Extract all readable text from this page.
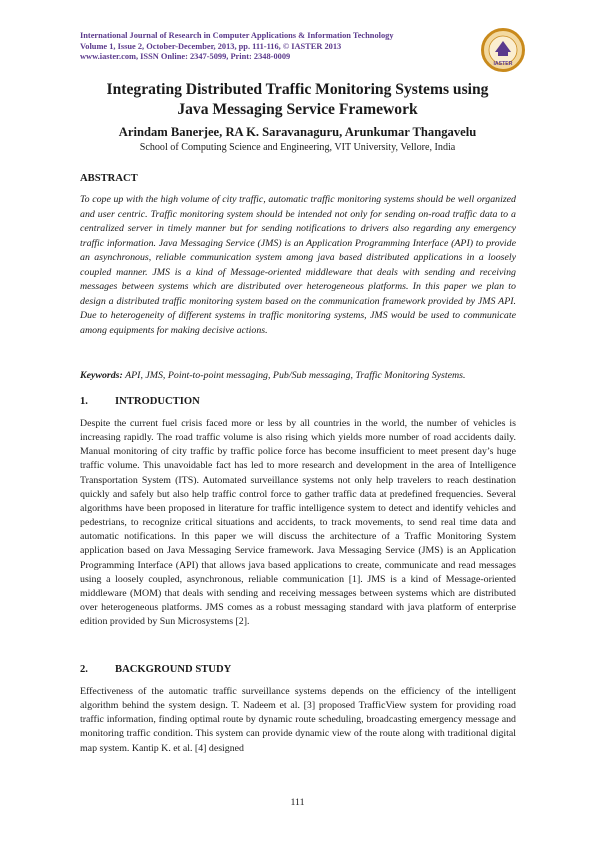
International Journal of Research in Computer Applications & Information Technology
Volume 1, Issue 2, October-December, 2013, pp. 111-116, © IASTER 2013
www.iaster.com, ISSN Online: 2347-5099, Print: 2348-0009
IASTER
Integrating Distributed Traffic Monitoring Systems using
Java Messaging Service Framework
Arindam Banerjee, RA K. Saravanaguru, Arunkumar Thangavelu
School of Computing Science and Engineering, VIT University, Vellore, India
ABSTRACT
To cope up with the high volume of city traffic, automatic traffic monitoring systems should be well organized and user centric. Traffic monitoring system should be intended not only for sending on-road traffic data to a centralized server in timely manner but for sending notifications to drivers also regarding any emergency traffic information. Java Messaging Service (JMS) is an Application Programming Interface (API) to provide an asynchronous, reliable communication system among java based distributed applications in a loosely coupled manner. JMS is a kind of Message-oriented middleware that deals with sending and receiving messages between systems which are distributed over heterogeneous platforms. In this paper we plan to design a distributed traffic monitoring system based on the communication framework provided by JMS API. Due to heterogeneity of different systems in traffic monitoring systems, JMS would be used to communicate among equipments for making decisive actions.
Keywords: API, JMS, Point-to-point messaging, Pub/Sub messaging, Traffic Monitoring Systems.
1.	INTRODUCTION
Despite the current fuel crisis faced more or less by all countries in the world, the number of vehicles is increasing rapidly. The road traffic volume is also rising which yields more number of road accidents daily. Manual monitoring of city traffic by traffic police force has become insufficient to meet present day’s huge traffic volume. This unavoidable fact has led to more research and development in the area of Intelligence Transportation System (ITS). Automated surveillance systems not only help travelers to reach destination quickly and safely but also help traffic control force to gather traffic data at predefined frequencies. Several algorithms have been proposed in literature for traffic intelligence system to detect and identify vehicles and pedestrians, to recognize critical situations and accidents, to track movements, to send real time data and automatic notifications. In this paper we will discuss the architecture of a Traffic Monitoring System application based on Java Messaging Service framework. Java Messaging Service (JMS) is an Application Programming Interface (API) that allows java based applications to create, communicate and read messages using a loosely coupled, asynchronous, reliable communication [1]. JMS is a kind of Message-oriented middleware (MOM) that deals with sending and receiving messages between systems which are distributed over heterogeneous platforms. JMS comes as a robust messaging standard with java platform of enterprise edition provided by Sun Microsystems [2].
2.	BACKGROUND STUDY
Effectiveness of the automatic traffic surveillance systems depends on the efficiency of the intelligent algorithm behind the system design. T. Nadeem et al. [3] proposed TrafficView system for providing road traffic information, finding optimal route by dynamic route scheduling, broadcasting emergency message and monitoring traffic condition. This system can provide dynamic view of the route along with traditional digital map system. Kantip K. et al. [4] designed
111
